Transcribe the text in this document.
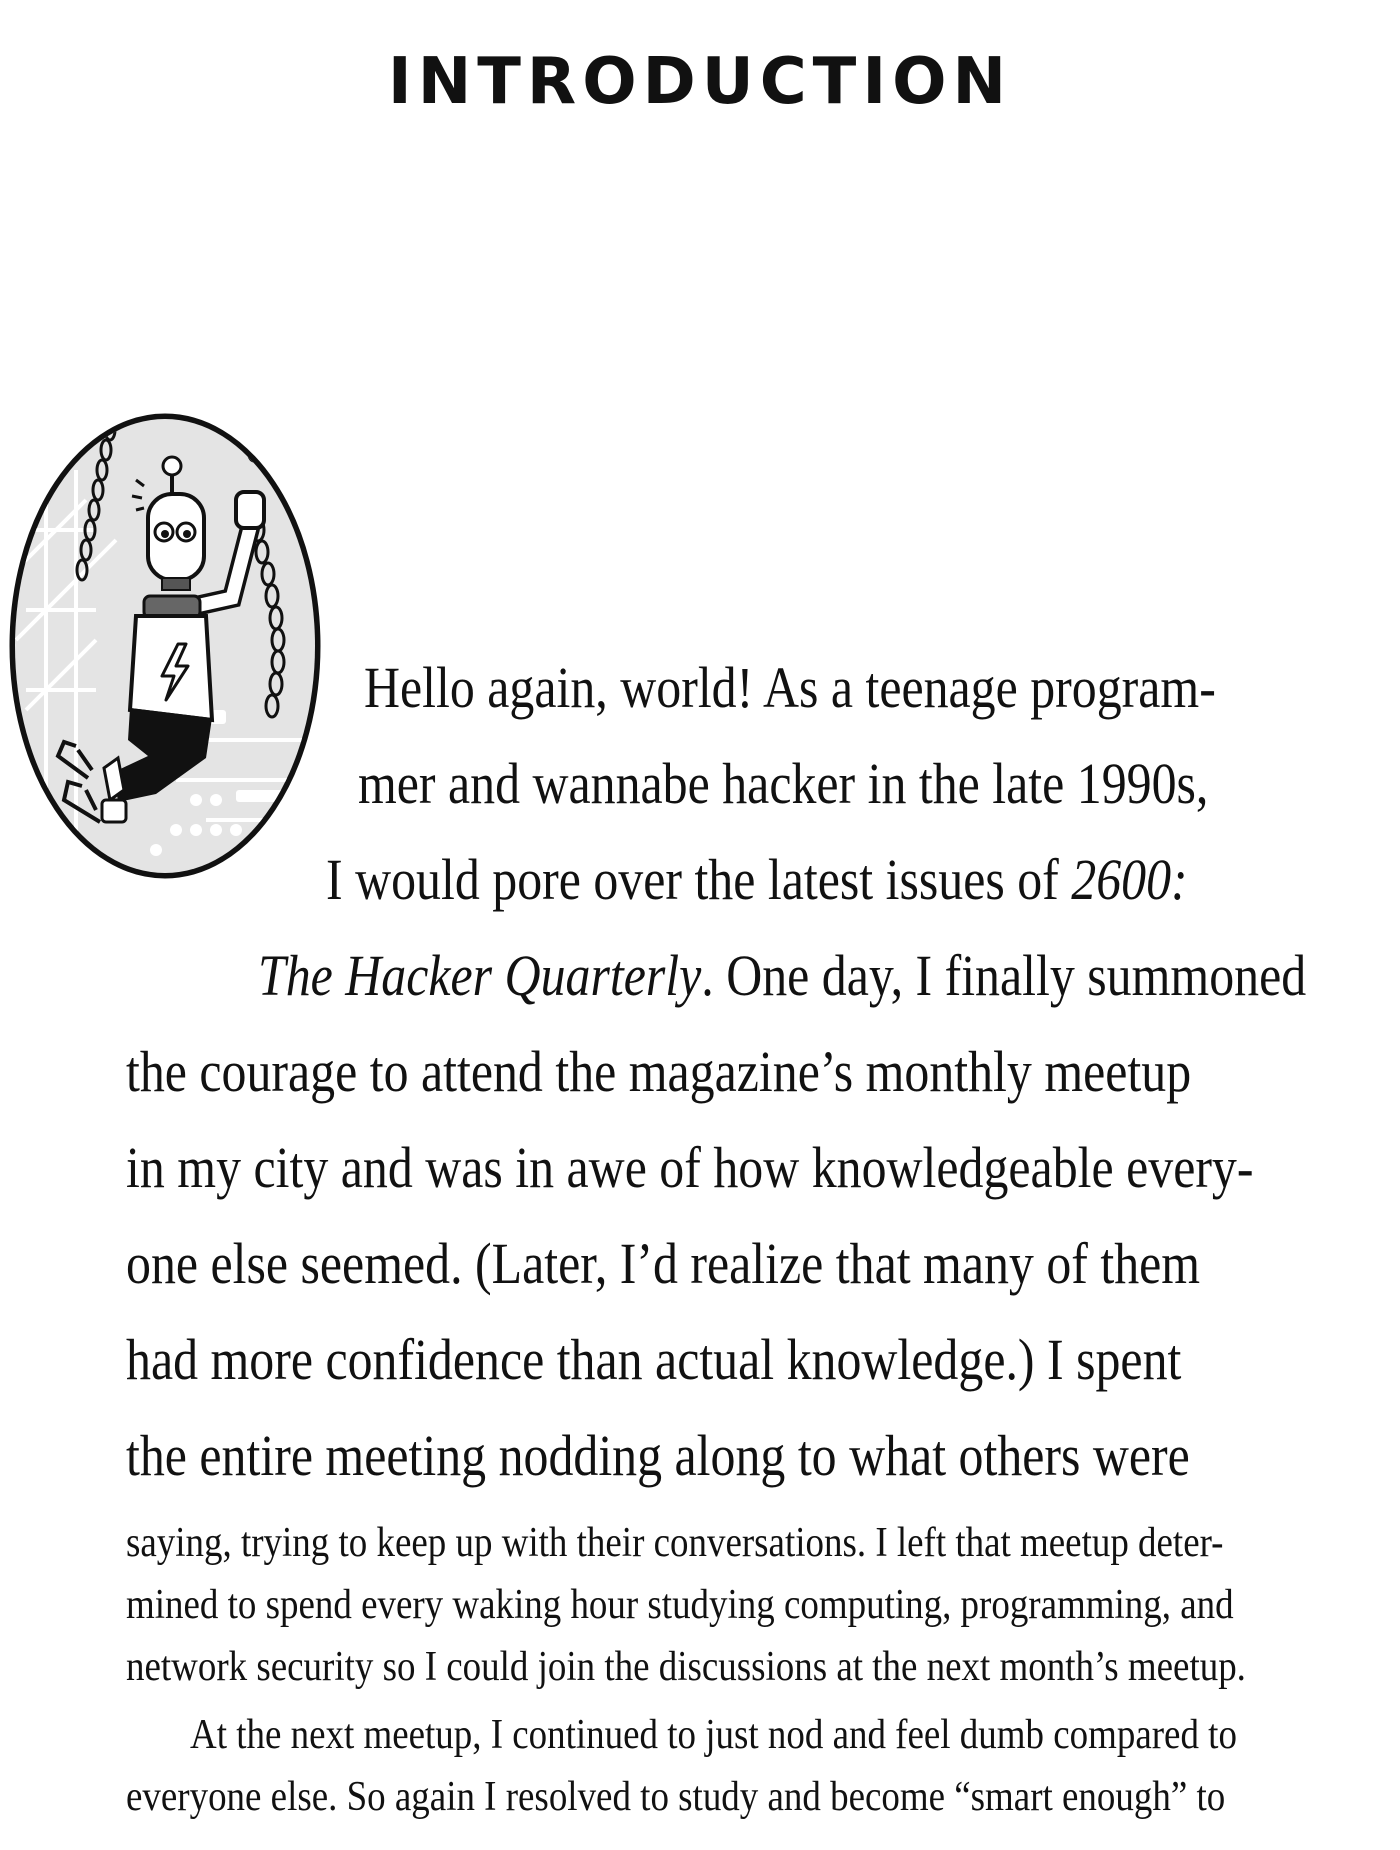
INTRODUCTION
Hello again, world! As a teenage program-
mer and wannabe hacker in the late 1990s,
I would pore over the latest issues of 2600:
The Hacker Quarterly. One day, I finally summoned
the courage to attend the magazine’s monthly meetup
in my city and was in awe of how knowledgeable every-
one else seemed. (Later, I’d realize that many of them
had more confidence than actual knowledge.) I spent
the entire meeting nodding along to what others were
saying, trying to keep up with their conversations. I left that meetup deter-
mined to spend every waking hour studying computing, programming, and
network security so I could join the discussions at the next month’s meetup.
At the next meetup, I continued to just nod and feel dumb compared to
everyone else. So again I resolved to study and become “smart enough” to
